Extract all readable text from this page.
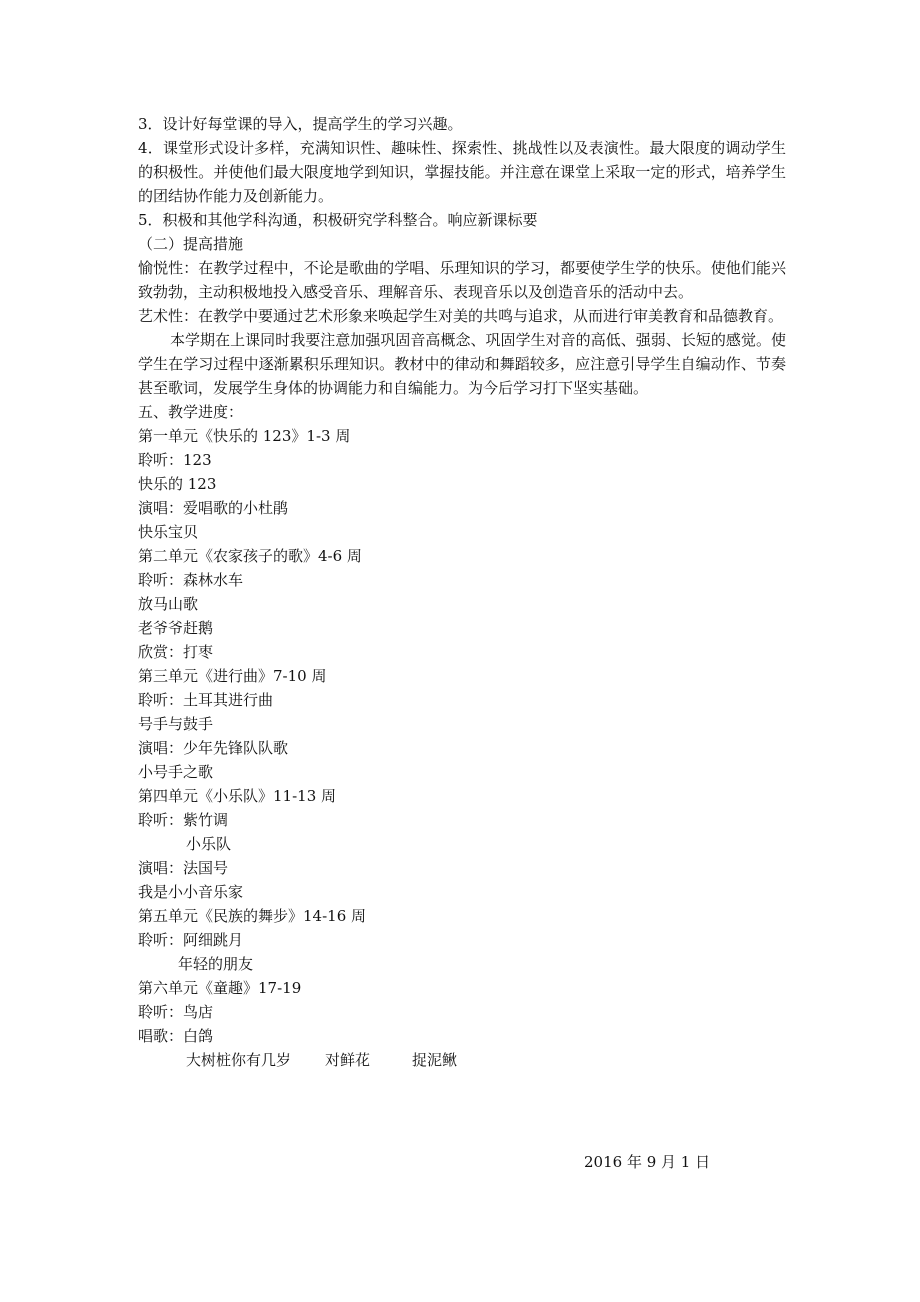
3．设计好每堂课的导入，提高学生的学习兴趣。

4．课堂形式设计多样，充满知识性、趣味性、探索性、挑战性以及表演性。最大限度的调动学生的积极性。并使他们最大限度地学到知识，掌握技能。并注意在课堂上采取一定的形式，培养学生的团结协作能力及创新能力。

5．积极和其他学科沟通，积极研究学科整合。响应新课标要

（二）提高措施

愉悦性：在教学过程中，不论是歌曲的学唱、乐理知识的学习，都要使学生学的快乐。使他们能兴致勃勃，主动积极地投入感受音乐、理解音乐、表现音乐以及创造音乐的活动中去。

艺术性：在教学中要通过艺术形象来唤起学生对美的共鸣与追求，从而进行审美教育和品德教育。

本学期在上课同时我要注意加强巩固音高概念、巩固学生对音的高低、强弱、长短的感觉。使学生在学习过程中逐渐累积乐理知识。教材中的律动和舞蹈较多，应注意引导学生自编动作、节奏甚至歌词，发展学生身体的协调能力和自编能力。为今后学习打下坚实基础。

五、教学进度：

第一单元《快乐的 123》1-3 周

聆听：123

快乐的 123

演唱：爱唱歌的小杜鹃

快乐宝贝

第二单元《农家孩子的歌》4-6 周

聆听：森林水车

放马山歌

老爷爷赶鹅

欣赏：打枣

第三单元《进行曲》7-10 周

聆听：土耳其进行曲

号手与鼓手

演唱：少年先锋队队歌

小号手之歌

第四单元《小乐队》11-13 周

聆听：紫竹调

小乐队

演唱：法国号

我是小小音乐家

第五单元《民族的舞步》14-16 周

聆听：阿细跳月

年轻的朋友

第六单元《童趣》17-19

聆听：鸟店

唱歌：白鸽

大树桩你有几岁 对鲜花	捉泥鳅
2016 年 9 月 1 日
